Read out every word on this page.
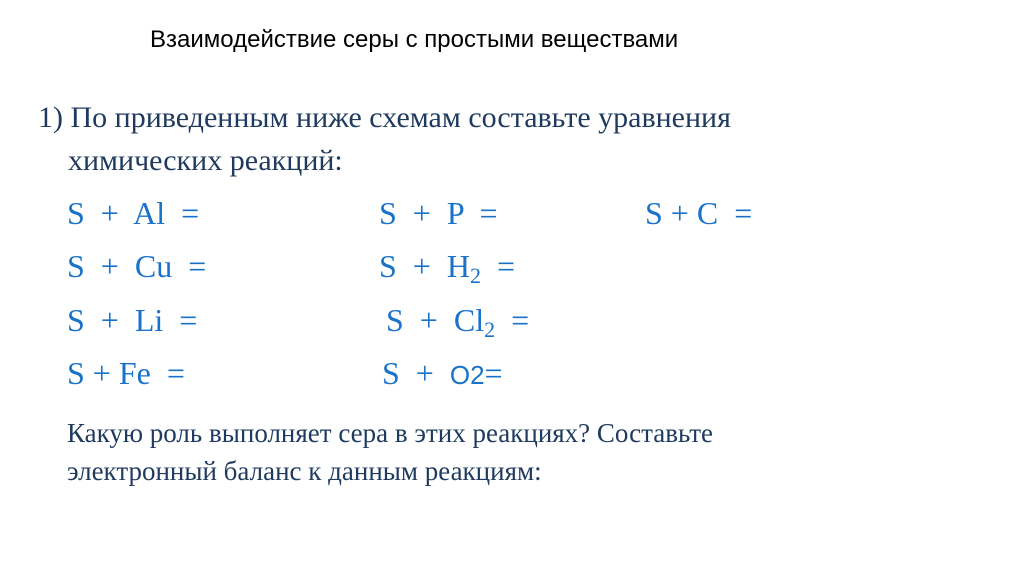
Взаимодействие серы с простыми веществами
1) По приведенным ниже схемам составьте уравнения
химических реакций:
S  +  Al  =	S  +  P  =	S + C  =
S  +  Cu  =	$S + H_2$  =
S  +  Li  =	$S + Cl_2$  =
S + Fe  =	S  +  O2=
Какую роль выполняет сера в этих реакциях? Составьте
электронный баланс к данным реакциям:
